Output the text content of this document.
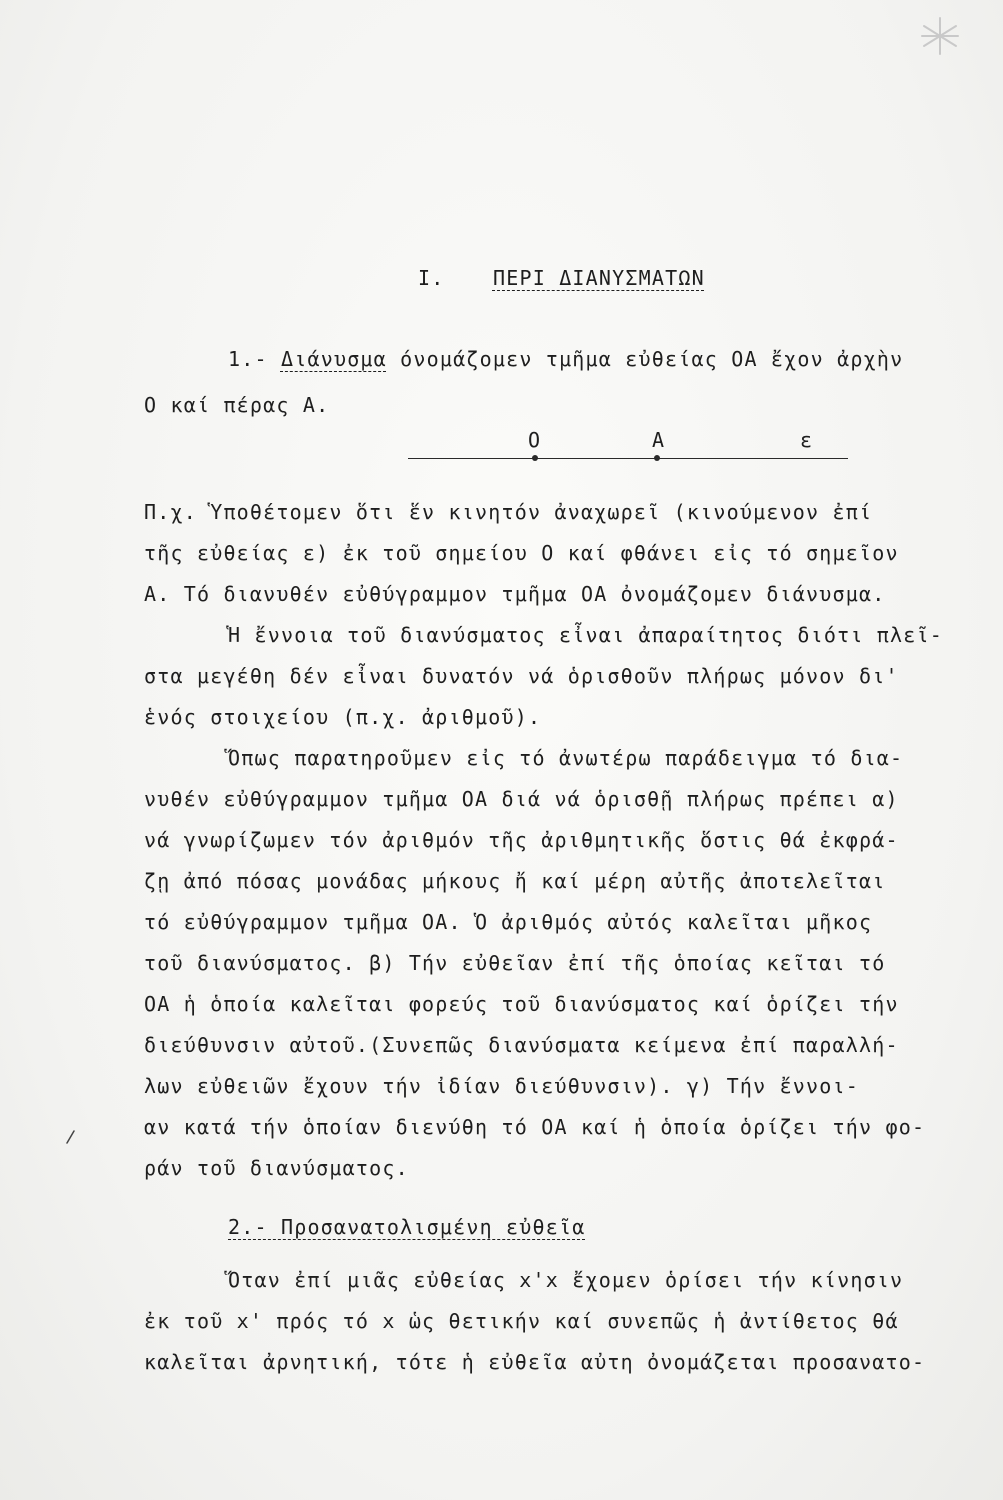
I. ΠΕΡΙ ΔΙΑΝΥΣΜΑΤΩΝ
1.- Διάνυσμα όνομάζομεν τμῆμα εὐθείας ΟΑ ἔχον ἀρχὴν
Ο καί πέρας Α.
Ο	Α	ε
Π.χ. Ὑποθέτομεν ὅτι ἕν κινητόν ἀναχωρεῖ (κινούμενον ἐπί
τῆς εὐθείας ε) ἐκ τοῦ σημείου Ο καί φθάνει εἰς τό σημεῖον
Α. Τό διανυθέν εὐθύγραμμον τμῆμα ΟΑ ὀνομάζομεν διάνυσμα.
Ἡ ἔννοια τοῦ διανύσματος εἶναι ἀπαραίτητος διότι πλεῖ-
στα μεγέθη δέν εἶναι δυνατόν νά ὁρισθοῦν πλήρως μόνον δι'
ἑνός στοιχείου (π.χ. ἀριθμοῦ).
Ὅπως παρατηροῦμεν εἰς τό ἀνωτέρω παράδειγμα τό δια-
νυθέν εὐθύγραμμον τμῆμα ΟΑ διά νά ὁρισθῇ πλήρως πρέπει α)
νά γνωρίζωμεν τόν ἀριθμόν τῆς ἀριθμητικῆς ὅστις θά ἐκφρά-
ζῃ ἀπό πόσας μονάδας μήκους ἤ καί μέρη αὐτῆς ἀποτελεῖται
τό εὐθύγραμμον τμῆμα ΟΑ. Ὁ ἀριθμός αὐτός καλεῖται μῆκος
τοῦ διανύσματος. β) Τήν εὐθεῖαν ἐπί τῆς ὁποίας κεῖται τό
ΟΑ ἡ ὁποία καλεῖται φορεύς τοῦ διανύσματος καί ὁρίζει τήν
διεύθυνσιν αὐτοῦ.(Συνεπῶς διανύσματα κείμενα ἐπί παραλλή-
λων εὐθειῶν ἔχουν τήν ἰδίαν διεύθυνσιν). γ) Τήν ἔννοι-
αν κατά τήν ὁποίαν διενύθη τό ΟΑ καί ἡ ὁποία ὁρίζει τήν φο-
ράν τοῦ διανύσματος.
2.- Προσανατολισμένη εὐθεῖα
Ὅταν ἐπί μιᾶς εὐθείας x'x ἔχομεν ὁρίσει τήν κίνησιν
ἐκ τοῦ x' πρός τό x ὡς θετικήν καί συνεπῶς ἡ ἀντίθετος θά
καλεῖται ἀρνητική, τότε ἡ εὐθεῖα αὐτη ὀνομάζεται προσανατο-
